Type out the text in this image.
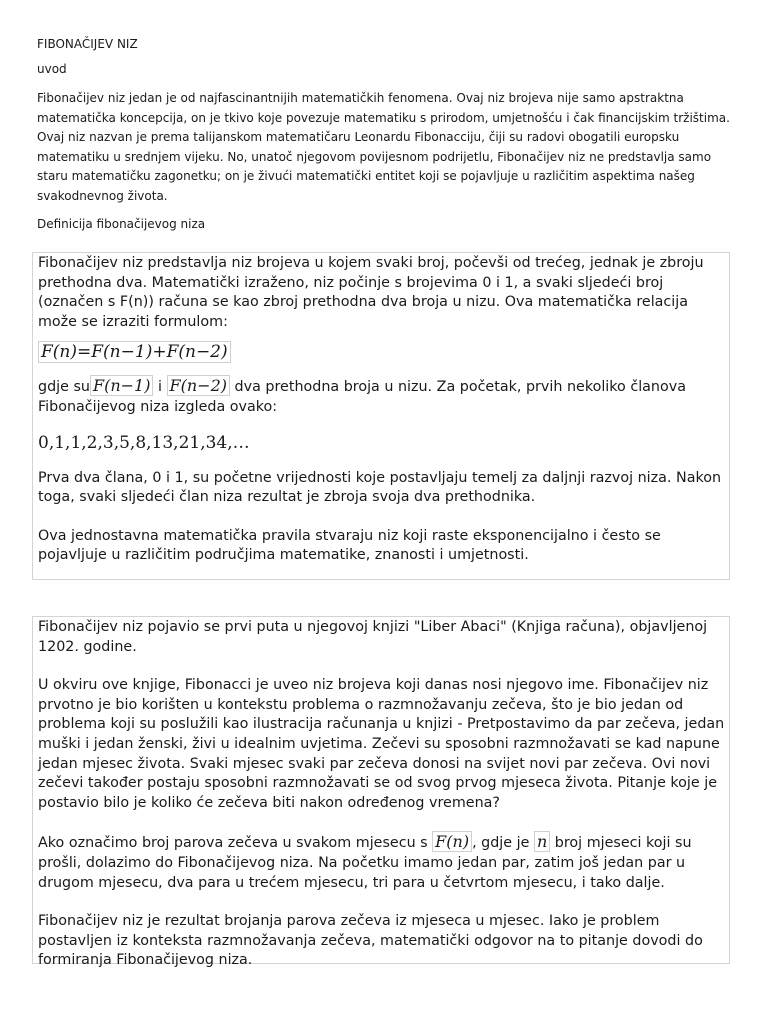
FIBONAČIJEV NIZ
uvod
Fibonačijev niz jedan je od najfascinantnijih matematičkih fenomena. Ovaj niz brojeva nije samo apstraktna matematička koncepcija, on je tkivo koje povezuje matematiku s prirodom, umjetnošću i čak financijskim tržištima. Ovaj niz nazvan je prema talijanskom matematičaru Leonardu Fibonacciju, čiji su radovi obogatili europsku matematiku u srednjem vijeku. No, unatoč njegovom povijesnom podrijetlu, Fibonačijev niz ne predstavlja samo staru matematičku zagonetku; on je živući matematički entitet koji se pojavljuje u različitim aspektima našeg svakodnevnog života.
Definicija fibonačijevog niza

Fibonačijev niz predstavlja niz brojeva u kojem svaki broj, počevši od trećeg, jednak je zbroju prethodna dva. Matematički izraženo, niz počinje s brojevima 0 i 1, a svaki sljedeći broj (označen s F(n)) računa se kao zbroj prethodna dva broja u nizu. Ova matematička relacija može se izraziti formulom:

F(n)=F(n−1)+F(n−2)

gdje su F(n−1) i F(n−2) dva prethodna broja u nizu. Za početak, prvih nekoliko članova Fibonačijevog niza izgleda ovako:

0,1,1,2,3,5,8,13,21,34,…

Prva dva člana, 0 i 1, su početne vrijednosti koje postavljaju temelj za daljnji razvoj niza. Nakon toga, svaki sljedeći član niza rezultat je zbroja svoja dva prethodnika.

Ova jednostavna matematička pravila stvaraju niz koji raste eksponencijalno i često se pojavljuje u različitim područjima matematike, znanosti i umjetnosti.

Fibonačijev niz pojavio se prvi puta u njegovoj knjizi "Liber Abaci" (Knjiga računa), objavljenoj 1202. godine.

U okviru ove knjige, Fibonacci je uveo niz brojeva koji danas nosi njegovo ime. Fibonačijev niz prvotno je bio korišten u kontekstu problema o razmnožavanju zečeva, što je bio jedan od problema koji su poslužili kao ilustracija računanja u knjizi - Pretpostavimo da par zečeva, jedan muški i jedan ženski, živi u idealnim uvjetima. Zečevi su sposobni razmnožavati se kad napune jedan mjesec života. Svaki mjesec svaki par zečeva donosi na svijet novi par zečeva. Ovi novi zečevi također postaju sposobni razmnožavati se od svog prvog mjeseca života. Pitanje koje je postavio bilo je koliko će zečeva biti nakon određenog vremena?

Ako označimo broj parova zečeva u svakom mjesecu s F(n) , gdje je n broj mjeseci koji su prošli, dolazimo do Fibonačijevog niza. Na početku imamo jedan par, zatim još jedan par u drugom mjesecu, dva para u trećem mjesecu, tri para u četvrtom mjesecu, i tako dalje.

Fibonačijev niz je rezultat brojanja parova zečeva iz mjeseca u mjesec. Iako je problem postavljen iz konteksta razmnožavanja zečeva, matematički odgovor na to pitanje dovodi do formiranja Fibonačijevog niza.
